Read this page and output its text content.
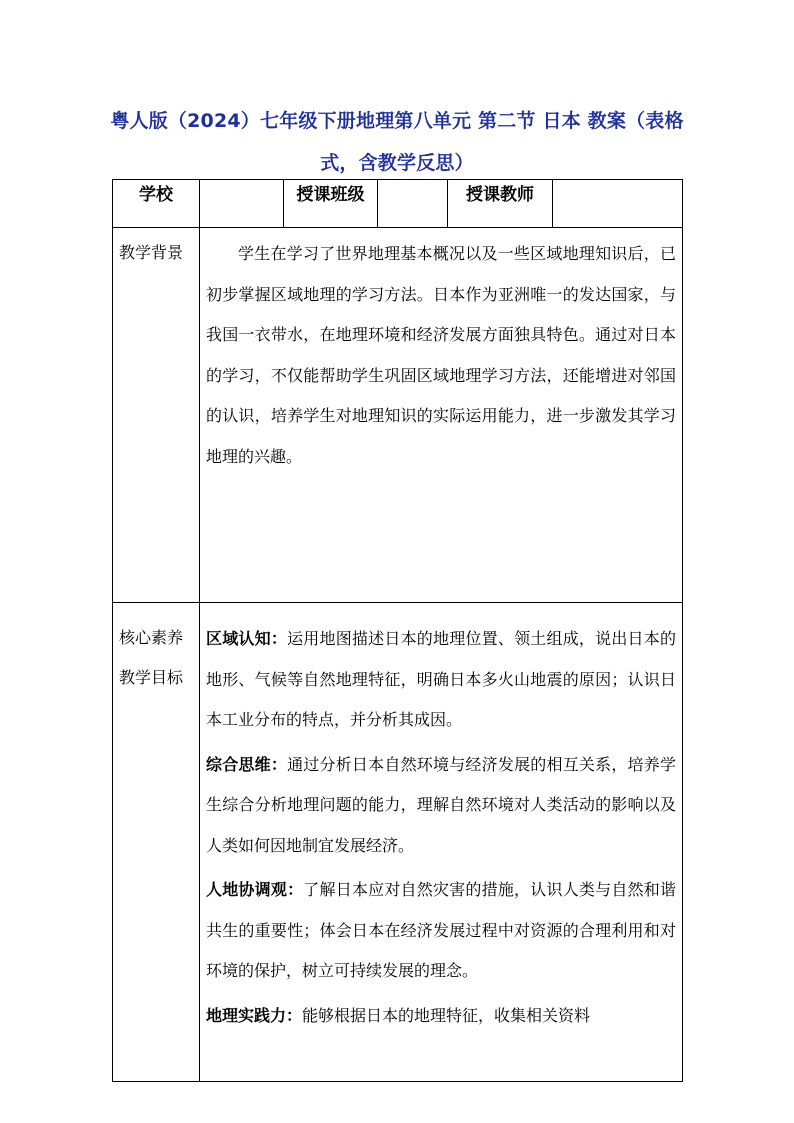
粤人版（2024）七年级下册地理第八单元 第二节 日本 教案（表格式，含教学反思）
学校		授课班级		授课教师	

教学背景	学生在学习了世界地理基本概况以及一些区域地理知识后，已初步掌握区域地理的学习方法。日本作为亚洲唯一的发达国家，与我国一衣带水，在地理环境和经济发展方面独具特色。通过对日本的学习，不仅能帮助学生巩固区域地理学习方法，还能增进对邻国的认识，培养学生对地理知识的实际运用能力，进一步激发其学习地理的兴趣。				

核心素养教学目标	区域认知：运用地图描述日本的地理位置、领土组成，说出日本的地形、气候等自然地理特征，明确日本多火山地震的原因；认识日本工业分布的特点，并分析其成因。

综合思维：通过分析日本自然环境与经济发展的相互关系，培养学生综合分析地理问题的能力，理解自然环境对人类活动的影响以及人类如何因地制宜发展经济。

人地协调观：了解日本应对自然灾害的措施，认识人类与自然和谐共生的重要性；体会日本在经济发展过程中对资源的合理利用和对环境的保护，树立可持续发展的理念。

地理实践力：能够根据日本的地理特征，收集相关资料				
